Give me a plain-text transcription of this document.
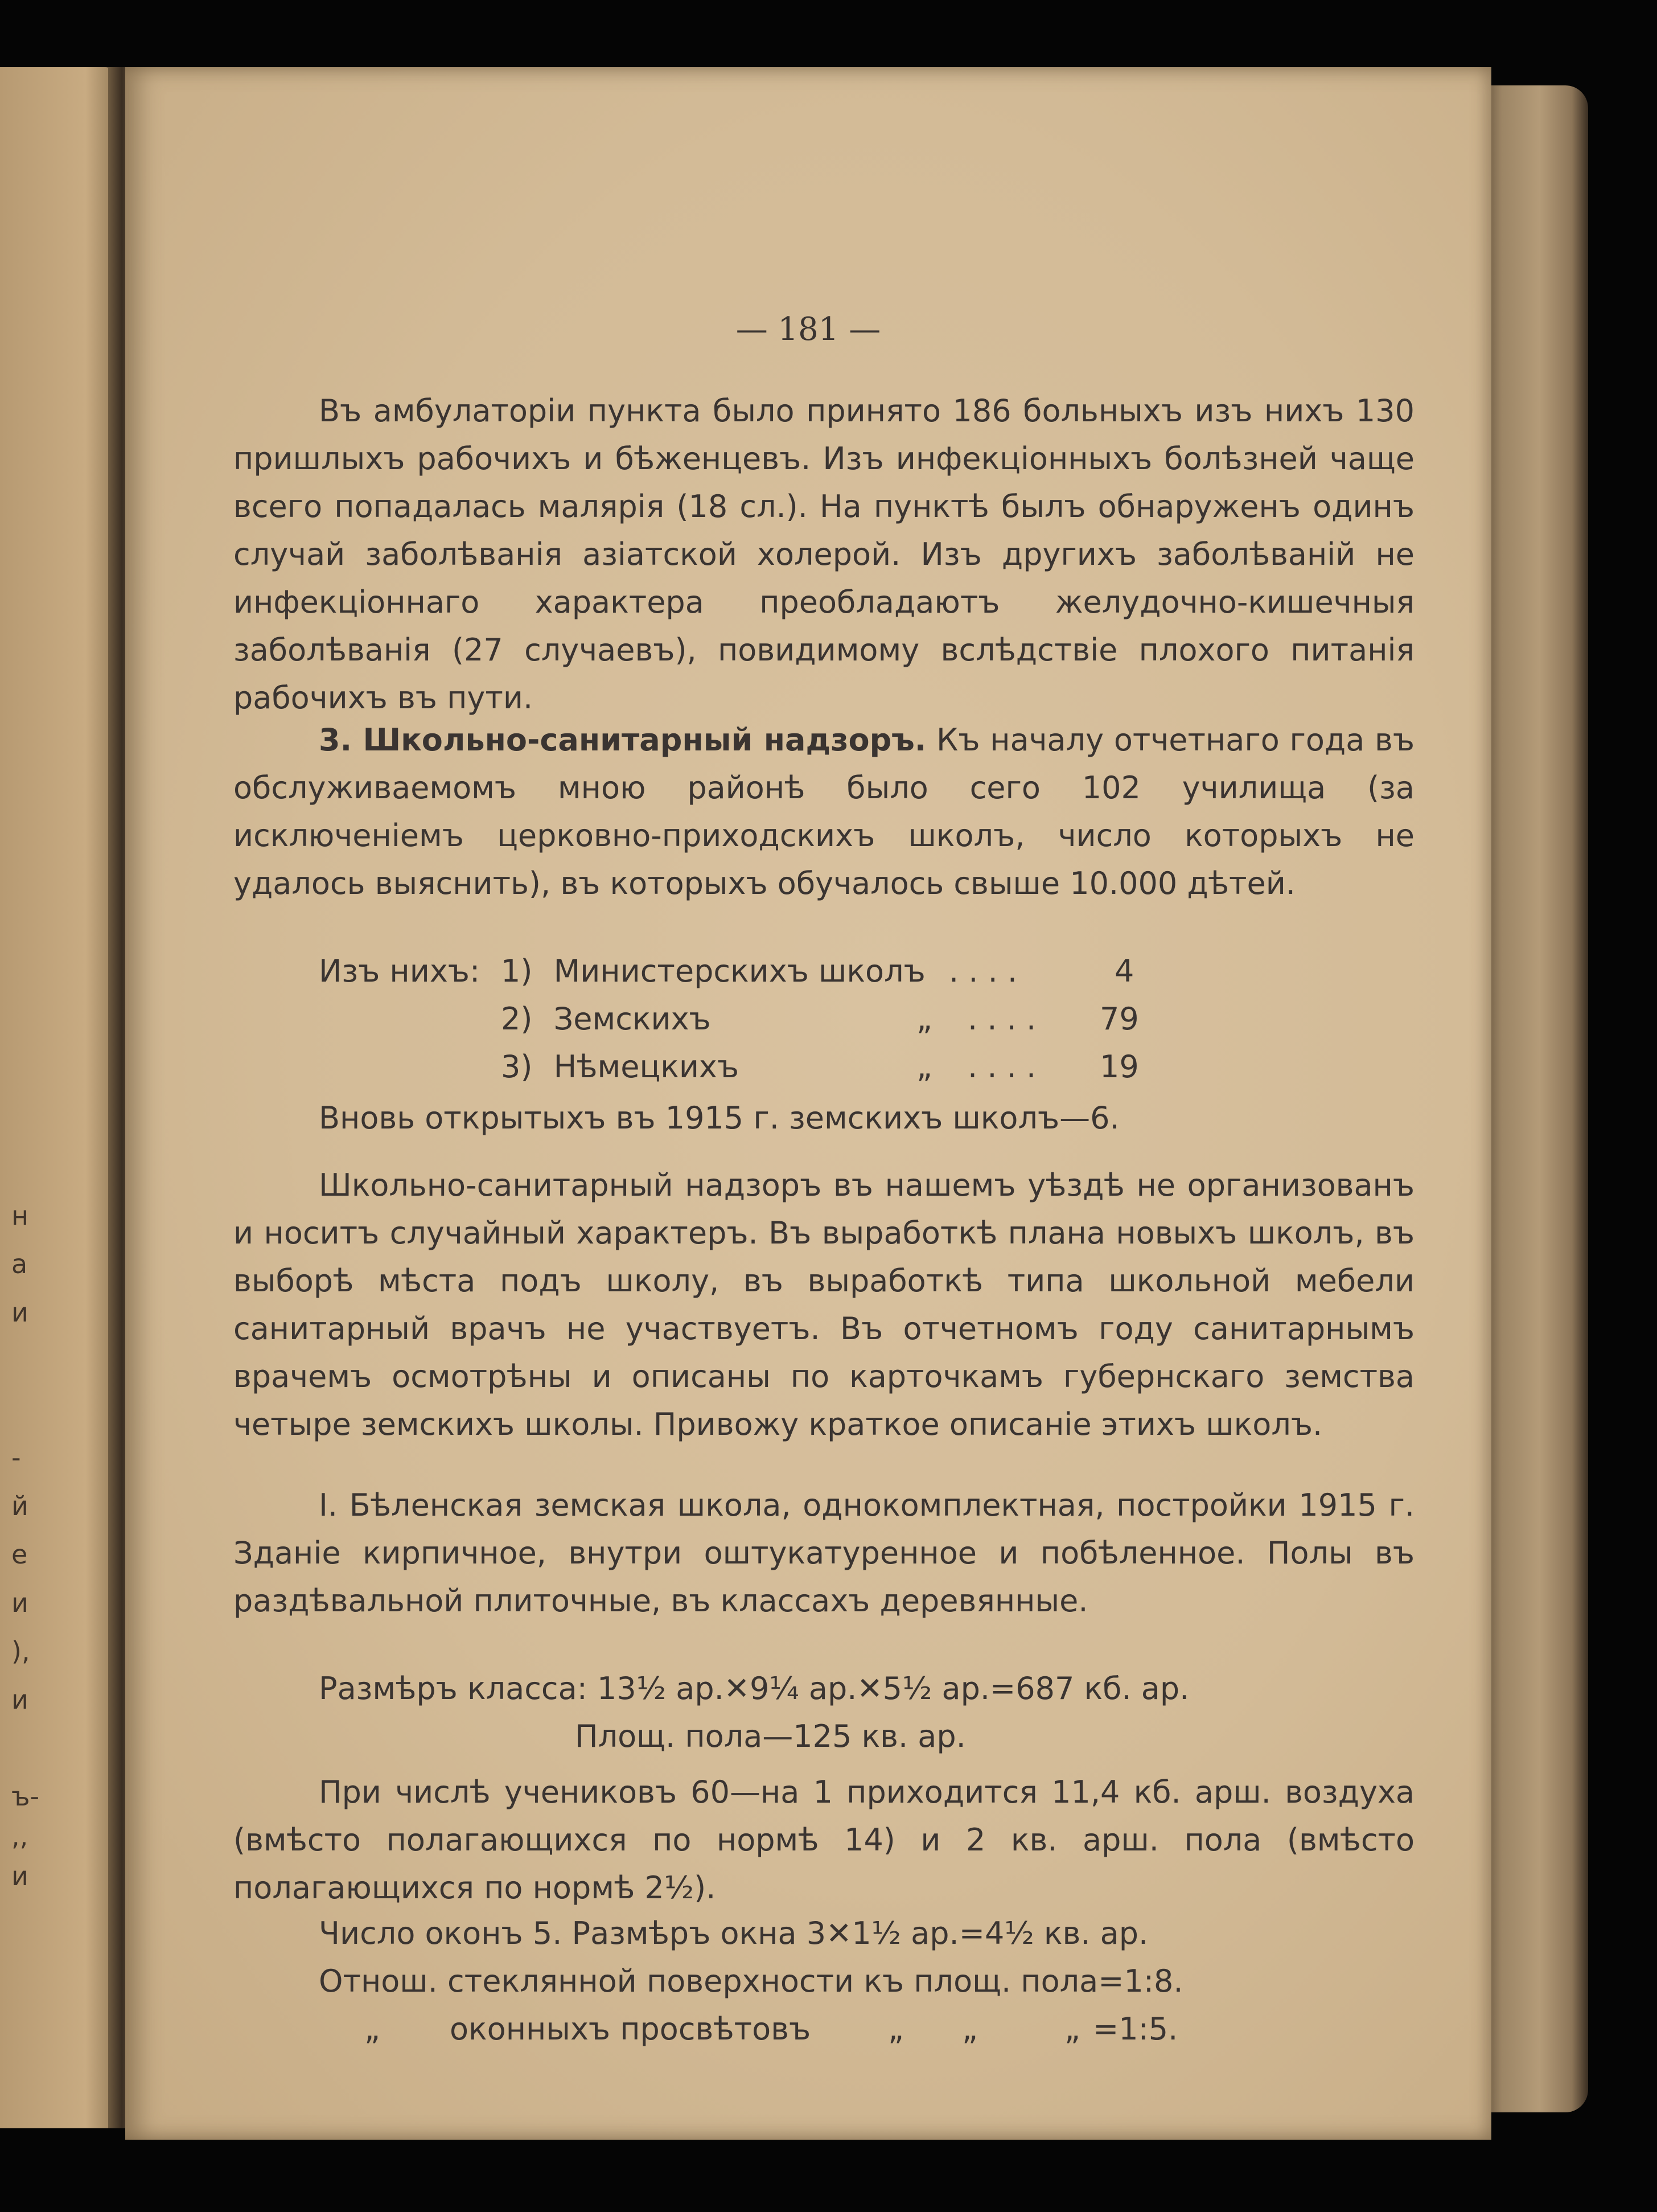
н
а
и
-
й
е
и
),
и
ъ-
,,
и
— 181 —
Въ амбулаторіи пункта было принято 186 больныхъ изъ нихъ 130 пришлыхъ рабочихъ и бѣженцевъ. Изъ инфекціонныхъ болѣзней чаще всего попадалась малярія (18 сл.). На пунктѣ былъ обнаруженъ одинъ случай заболѣванія азіатской холерой. Изъ другихъ заболѣваній не инфекціоннаго характера преобладаютъ желудочно-кишечныя заболѣванія (27 случаевъ), повидимому вслѣдствіе плохого питанія рабочихъ въ пути.
3. Школьно-санитарный надзоръ. Къ началу отчетнаго года въ обслуживаемомъ мною районѣ было сего 102 училища (за исключеніемъ церковно-приходскихъ школъ, число которыхъ не удалось выяснить), въ которыхъ обучалось свыше 10.000 дѣтей.
Изъ нихъ: 1) Министерскихъ школъ . . . .	4
2) Земскихъ	„ . . . . 79
3) Нѣмецкихъ	„ . . . . 19
Вновь открытыхъ въ 1915 г. земскихъ школъ—6.
Школьно-санитарный надзоръ въ нашемъ уѣздѣ не организованъ и носитъ случайный характеръ. Въ выработкѣ плана новыхъ школъ, въ выборѣ мѣста подъ школу, въ выработкѣ типа школьной мебели санитарный врачъ не участвуетъ. Въ отчетномъ году санитарнымъ врачемъ осмотрѣны и описаны по карточкамъ губернскаго земства четыре земскихъ школы. Привожу краткое описаніе этихъ школъ.
I. Бѣленская земская школа, однокомплектная, постройки 1915 г. Зданіе кирпичное, внутри оштукатуренное и побѣленное. Полы въ раздѣвальной плиточные, въ классахъ деревянные.
Размѣръ класса: 13½ ар.✕9¼ ар.✕5½ ар.=687 кб. ар.
Площ. пола—125 кв. ар.
При числѣ учениковъ 60—на 1 приходится 11,4 кб. арш. воздуха (вмѣсто полагающихся по нормѣ 14) и 2 кв. арш. пола (вмѣсто полагающихся по нормѣ 2½).
Число оконъ 5. Размѣръ окна 3✕1½ ар.=4½ кв. ар.
Отнош. стеклянной поверхности къ площ. пола=1:8.
„ оконныхъ просвѣтовъ	„ „	„ =1:5.
